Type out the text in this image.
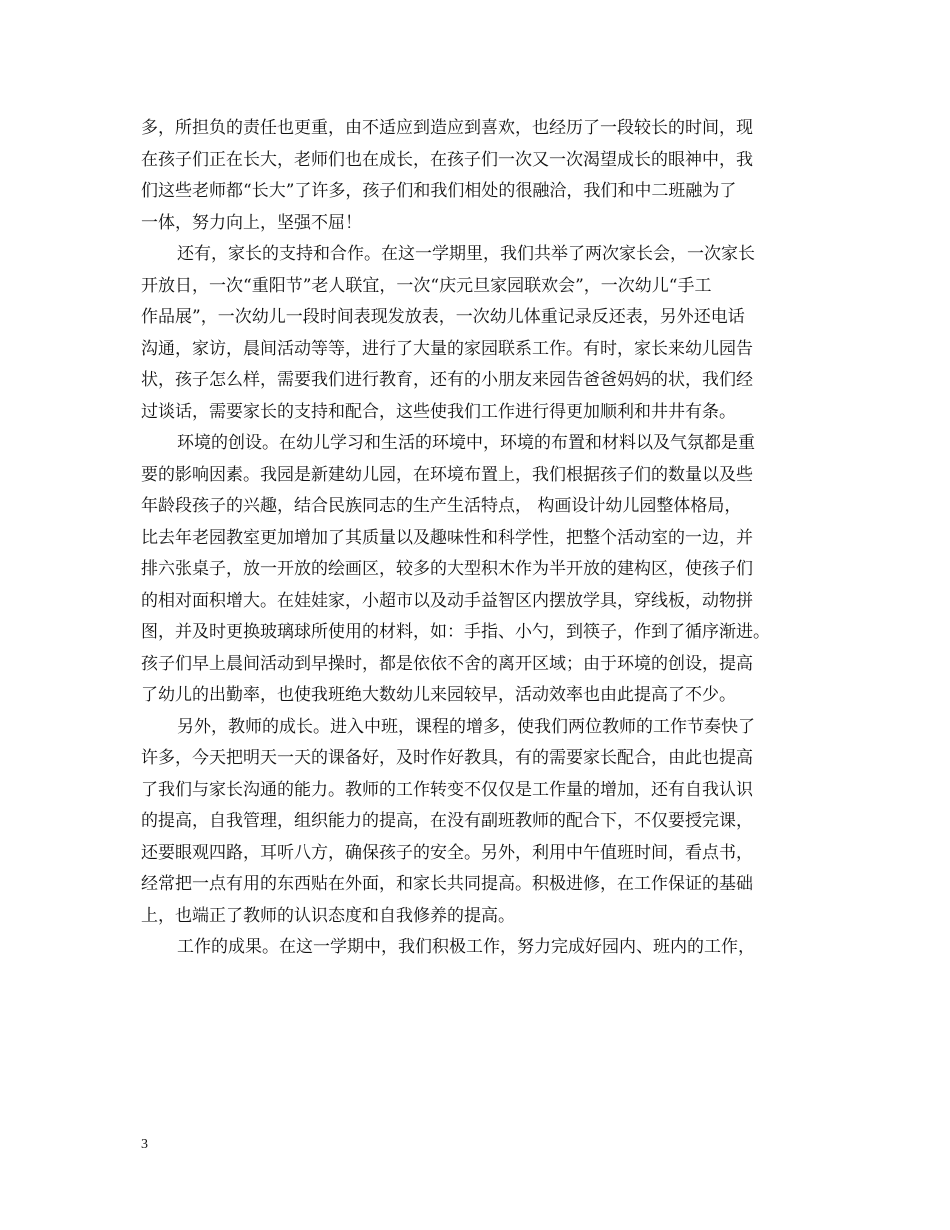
多，所担负的责任也更重，由不适应到造应到喜欢，也经历了一段较长的时间，现
在孩子们正在长大，老师们也在成长，在孩子们一次又一次渴望成长的眼神中，我
们这些老师都“长大”了许多，孩子们和我们相处的很融洽，我们和中二班融为了
一体，努力向上，坚强不屈！
还有，家长的支持和合作。在这一学期里，我们共举了两次家长会，一次家长
开放日，一次“重阳节”老人联宜，一次“庆元旦家园联欢会”，一次幼儿“手工
作品展”，一次幼儿一段时间表现发放表，一次幼儿体重记录反还表，另外还电话
沟通，家访，晨间活动等等，进行了大量的家园联系工作。有时，家长来幼儿园告
状，孩子怎么样，需要我们进行教育，还有的小朋友来园告爸爸妈妈的状，我们经
过谈话，需要家长的支持和配合，这些使我们工作进行得更加顺利和井井有条。
环境的创设。在幼儿学习和生活的环境中，环境的布置和材料以及气氛都是重
要的影响因素。我园是新建幼儿园，在环境布置上，我们根据孩子们的数量以及些
年龄段孩子的兴趣，结合民族同志的生产生活特点， 构画设计幼儿园整体格局，
比去年老园教室更加增加了其质量以及趣味性和科学性，把整个活动室的一边，并
排六张桌子，放一开放的绘画区，较多的大型积木作为半开放的建构区，使孩子们
的相对面积增大。在娃娃家，小超市以及动手益智区内摆放学具，穿线板，动物拼
图，并及时更换玻璃球所使用的材料，如：手指、小勺，到筷子，作到了循序渐进。
孩子们早上晨间活动到早操时，都是依依不舍的离开区域；由于环境的创设，提高
了幼儿的出勤率，也使我班绝大数幼儿来园较早，活动效率也由此提高了不少。
另外，教师的成长。进入中班，课程的增多，使我们两位教师的工作节奏快了
许多，今天把明天一天的课备好，及时作好教具，有的需要家长配合，由此也提高
了我们与家长沟通的能力。教师的工作转变不仅仅是工作量的增加，还有自我认识
的提高，自我管理，组织能力的提高，在没有副班教师的配合下，不仅要授完课，
还要眼观四路，耳听八方，确保孩子的安全。另外，利用中午值班时间，看点书，
经常把一点有用的东西贴在外面，和家长共同提高。积极进修，在工作保证的基础
上，也端正了教师的认识态度和自我修养的提高。
工作的成果。在这一学期中，我们积极工作，努力完成好园内、班内的工作，
3
